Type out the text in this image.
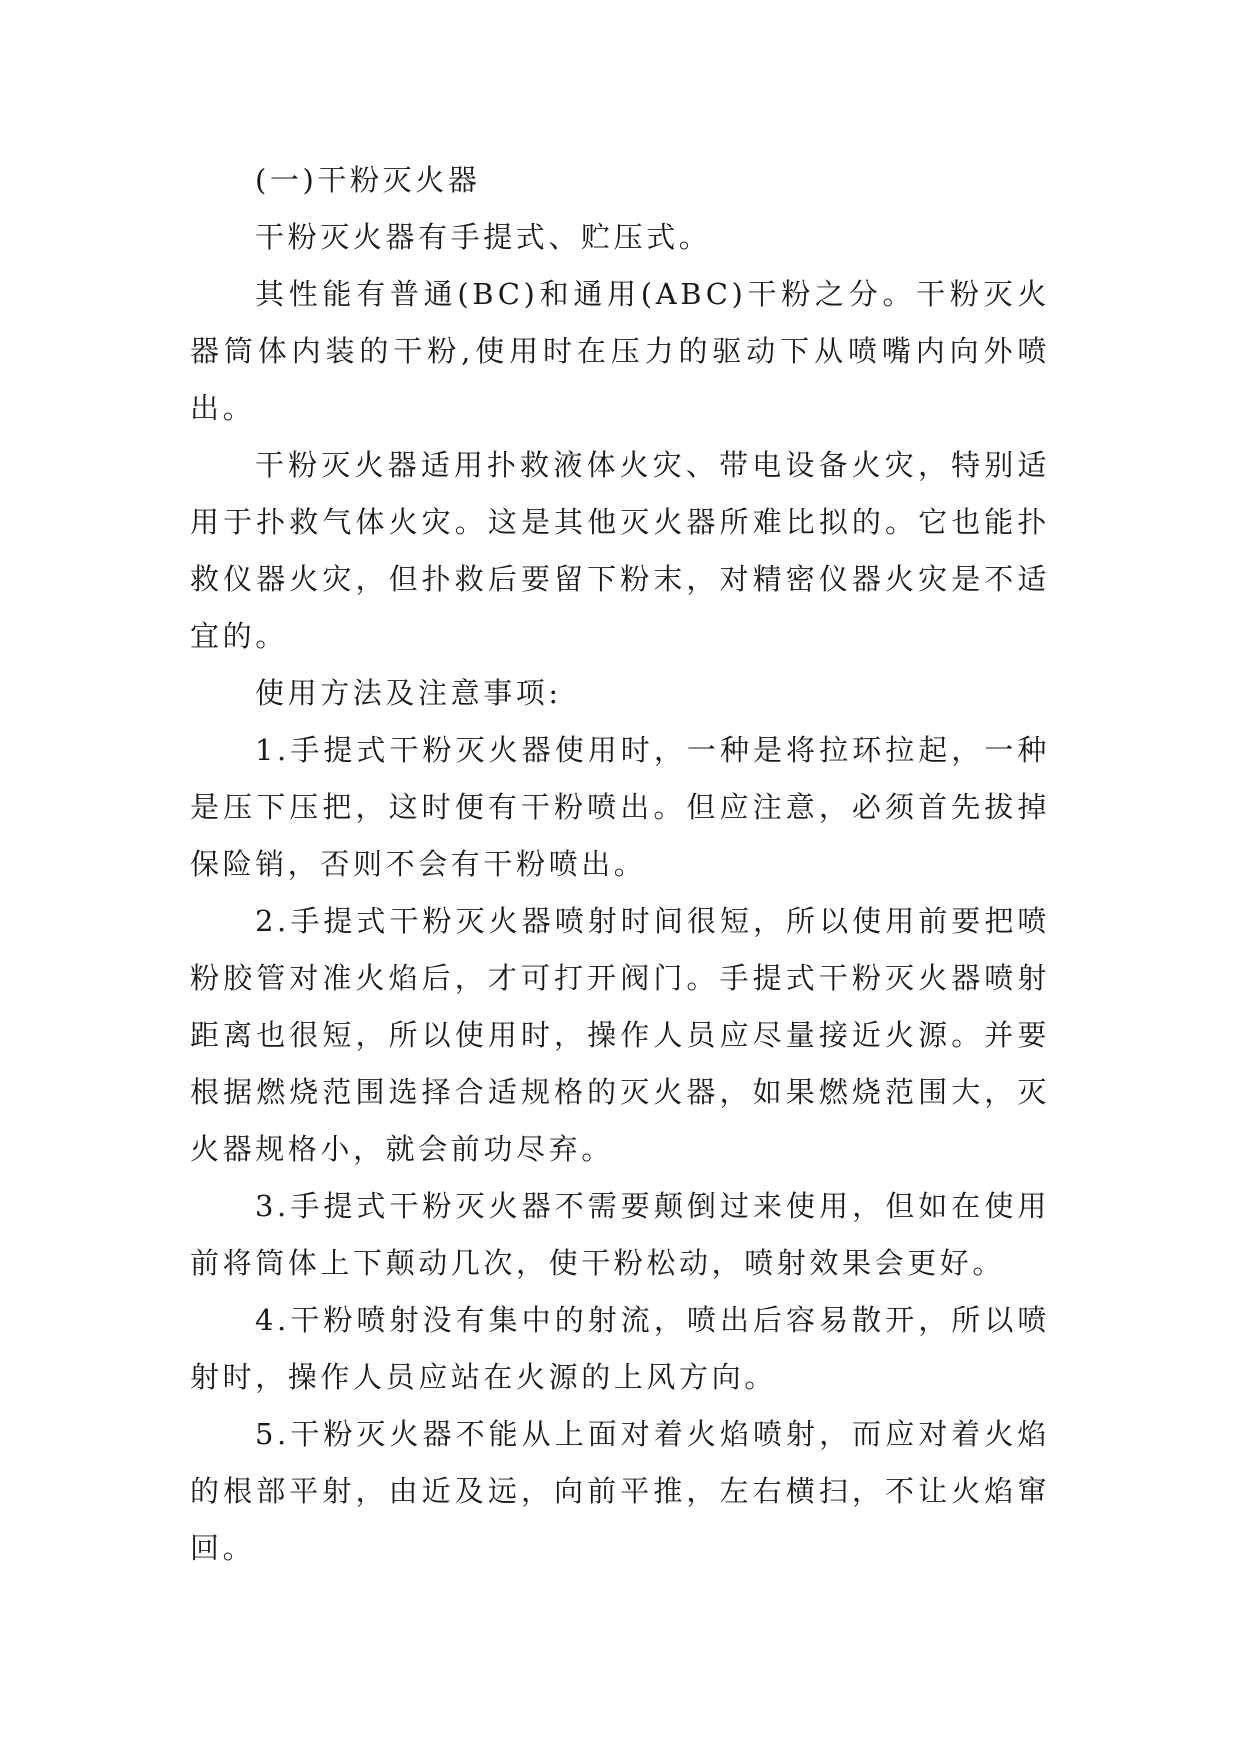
(一)干粉灭火器

干粉灭火器有手提式、贮压式。

其性能有普通(BC)和通用(ABC)干粉之分。干粉灭火器筒体内装的干粉,使用时在压力的驱动下从喷嘴内向外喷出。

干粉灭火器适用扑救液体火灾、带电设备火灾，特别适用于扑救气体火灾。这是其他灭火器所难比拟的。它也能扑救仪器火灾，但扑救后要留下粉末，对精密仪器火灾是不适宜的。

使用方法及注意事项:

1.手提式干粉灭火器使用时，一种是将拉环拉起，一种是压下压把，这时便有干粉喷出。但应注意，必须首先拔掉保险销，否则不会有干粉喷出。

2.手提式干粉灭火器喷射时间很短，所以使用前要把喷粉胶管对准火焰后，才可打开阀门。手提式干粉灭火器喷射距离也很短，所以使用时，操作人员应尽量接近火源。并要根据燃烧范围选择合适规格的灭火器，如果燃烧范围大，灭火器规格小，就会前功尽弃。

3.手提式干粉灭火器不需要颠倒过来使用，但如在使用前将筒体上下颠动几次，使干粉松动，喷射效果会更好。

4.干粉喷射没有集中的射流，喷出后容易散开，所以喷射时，操作人员应站在火源的上风方向。

5.干粉灭火器不能从上面对着火焰喷射，而应对着火焰的根部平射，由近及远，向前平推，左右横扫，不让火焰窜回。
